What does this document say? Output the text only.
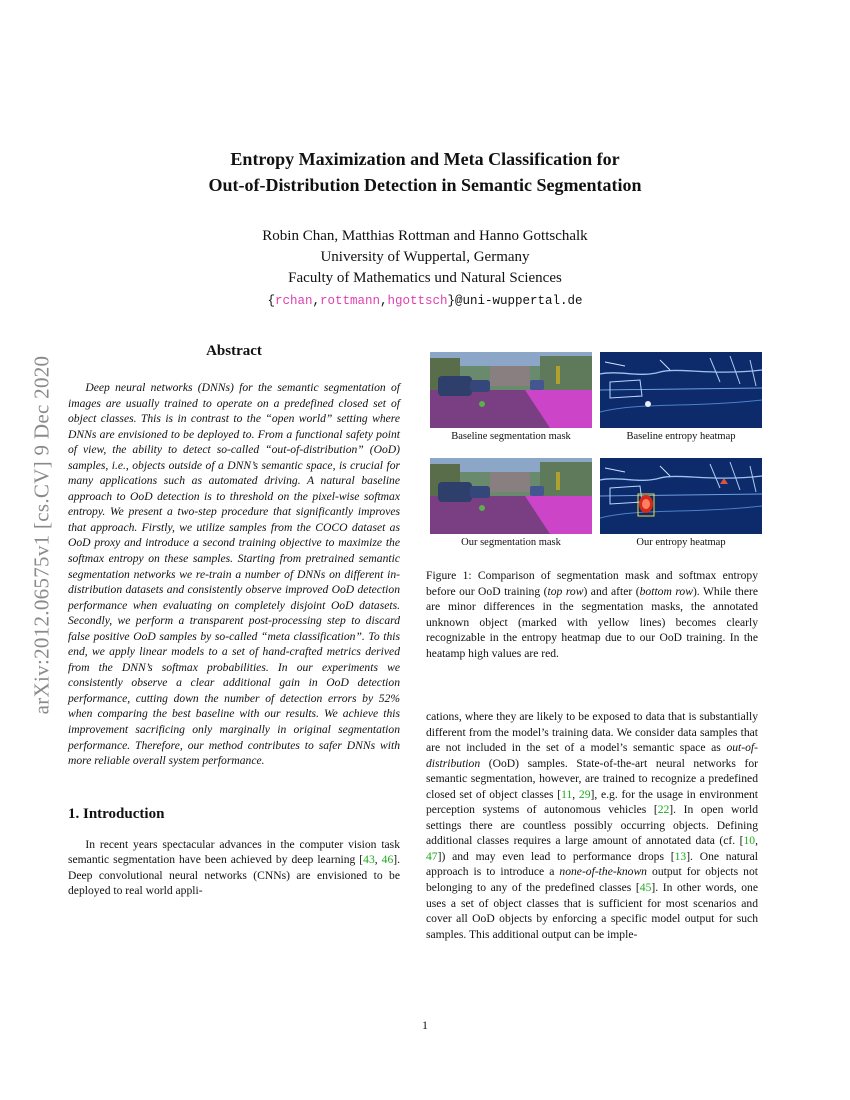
arXiv:2012.06575v1 [cs.CV] 9 Dec 2020
Entropy Maximization and Meta Classification for
Out-of-Distribution Detection in Semantic Segmentation
Robin Chan, Matthias Rottman and Hanno Gottschalk
University of Wuppertal, Germany
Faculty of Mathematics und Natural Sciences
{rchan,rottmann,hgottsch}@uni-wuppertal.de
Abstract

Deep neural networks (DNNs) for the semantic segmentation of images are usually trained to operate on a predefined closed set of object classes. This is in contrast to the “open world” setting where DNNs are envisioned to be deployed to. From a functional safety point of view, the ability to detect so-called “out-of-distribution” (OoD) samples, i.e., objects outside of a DNN’s semantic space, is crucial for many applications such as automated driving. A natural baseline approach to OoD detection is to threshold on the pixel-wise softmax entropy. We present a two-step procedure that significantly improves that approach. Firstly, we utilize samples from the COCO dataset as OoD proxy and introduce a second training objective to maximize the softmax entropy on these samples. Starting from pretrained semantic segmentation networks we re-train a number of DNNs on different in-distribution datasets and consistently observe improved OoD detection performance when evaluating on completely disjoint OoD datasets. Secondly, we perform a transparent post-processing step to discard false positive OoD samples by so-called “meta classification”. To this end, we apply linear models to a set of hand-crafted metrics derived from the DNN’s softmax probabilities. In our experiments we consistently observe a clear additional gain in OoD detection performance, cutting down the number of detection errors by 52% when comparing the best baseline with our results. We achieve this improvement sacrificing only marginally in original segmentation performance. Therefore, our method contributes to safer DNNs with more reliable overall system performance.

1. Introduction

In recent years spectacular advances in the computer vision task semantic segmentation have been achieved by deep learning [43, 46]. Deep convolutional neural networks (CNNs) are envisioned to be deployed to real world appli-

Baseline segmentation mask	Baseline entropy heatmap
Our segmentation mask	Our entropy heatmap

Figure 1: Comparison of segmentation mask and softmax entropy before our OoD training (top row) and after (bottom row). While there are minor differences in the segmentation masks, the annotated unknown object (marked with yellow lines) becomes clearly recognizable in the entropy heatmap due to our OoD training. In the heatamp high values are red.

cations, where they are likely to be exposed to data that is substantially different from the model’s training data. We consider data samples that are not included in the set of a model’s semantic space as out-of-distribution (OoD) samples. State-of-the-art neural networks for semantic segmentation, however, are trained to recognize a predefined closed set of object classes [11, 29], e.g. for the usage in environment perception systems of autonomous vehicles [22]. In open world settings there are countless possibly occurring objects. Defining additional classes requires a large amount of annotated data (cf. [10, 47]) and may even lead to performance drops [13]. One natural approach is to introduce a none-of-the-known output for objects not belonging to any of the predefined classes [45]. In other words, one uses a set of object classes that is sufficient for most scenarios and cover all OoD objects by enforcing a specific model output for such samples. This additional output can be imple-

1
